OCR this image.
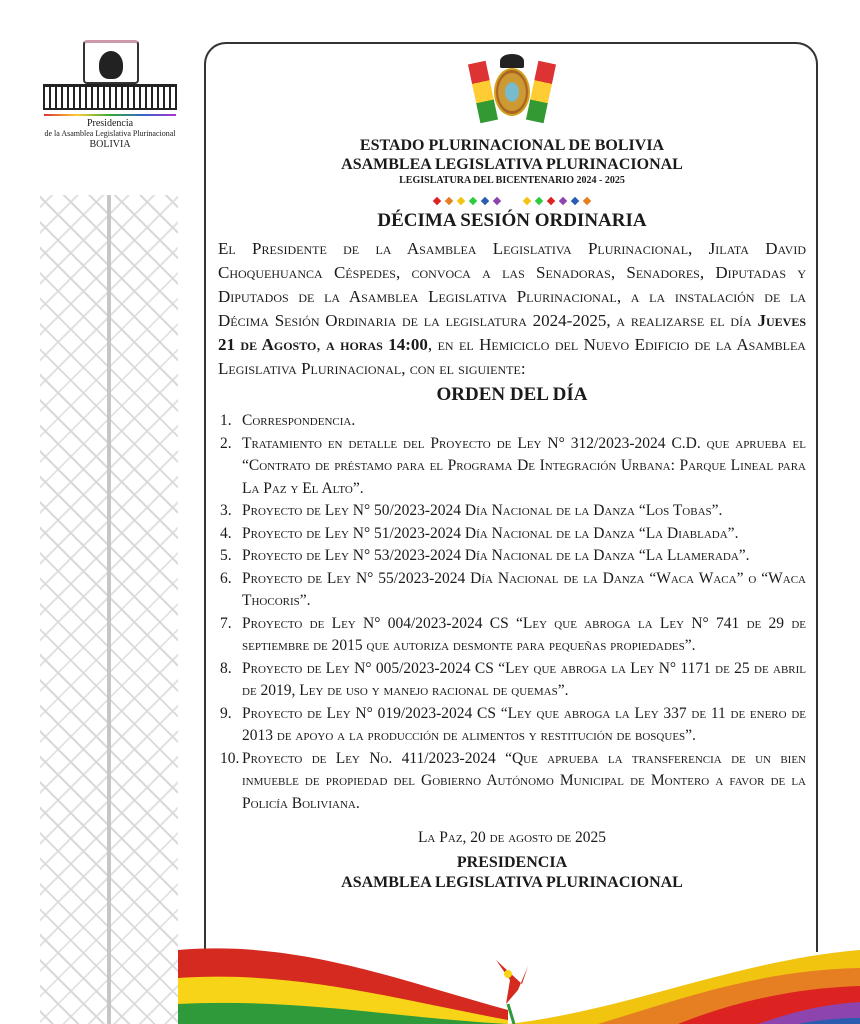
Presidencia
de la Asamblea Legislativa Plurinacional
BOLIVIA	ESTADO PLURINACIONAL DE BOLIVIA
ASAMBLEA LEGISLATIVA PLURINACIONAL
LEGISLATURA DEL BICENTENARIO 2024 - 2025
DÉCIMA SESIÓN ORDINARIA

El Presidente de la Asamblea Legislativa Plurinacional, Jilata David Choquehuanca Céspedes, convoca a las Senadoras, Senadores, Diputadas y Diputados de la Asamblea Legislativa Plurinacional, a la instalación de la Décima Sesión Ordinaria de la legislatura 2024-2025, a realizarse el día Jueves 21 de Agosto, a horas 14:00, en el Hemiciclo del Nuevo Edificio de la Asamblea Legislativa Plurinacional, con el siguiente:

ORDEN DEL DÍA
1. Correspondencia.
2. Tratamiento en detalle del Proyecto de Ley N° 312/2023-2024 C.D. que aprueba el “Contrato de préstamo para el Programa De Integración Urbana: Parque Lineal para La Paz y El Alto”.
3. Proyecto de Ley N° 50/2023-2024 Día Nacional de la Danza “Los Tobas”.
4. Proyecto de Ley N° 51/2023-2024 Día Nacional de la Danza “La Diablada”.
5. Proyecto de Ley N° 53/2023-2024 Día Nacional de la Danza “La Llamerada”.
6. Proyecto de Ley N° 55/2023-2024 Día Nacional de la Danza “Waca Waca” o “Waca Thocoris”.
7. Proyecto de Ley N° 004/2023-2024 CS “Ley que abroga la Ley N° 741 de 29 de septiembre de 2015 que autoriza desmonte para pequeñas propiedades”.
8. Proyecto de Ley N° 005/2023-2024 CS “Ley que abroga la Ley N° 1171 de 25 de abril de 2019, Ley de uso y manejo racional de quemas”.
9. Proyecto de Ley N° 019/2023-2024 CS “Ley que abroga la Ley 337 de 11 de enero de 2013 de apoyo a la producción de alimentos y restitución de bosques”.
10. Proyecto de Ley No. 411/2023-2024 “Que aprueba la transferencia de un bien inmueble de propiedad del Gobierno Autónomo Municipal de Montero a favor de la Policía Boliviana.
La Paz, 20 de agosto de 2025
PRESIDENCIA
ASAMBLEA LEGISLATIVA PLURINACIONAL
